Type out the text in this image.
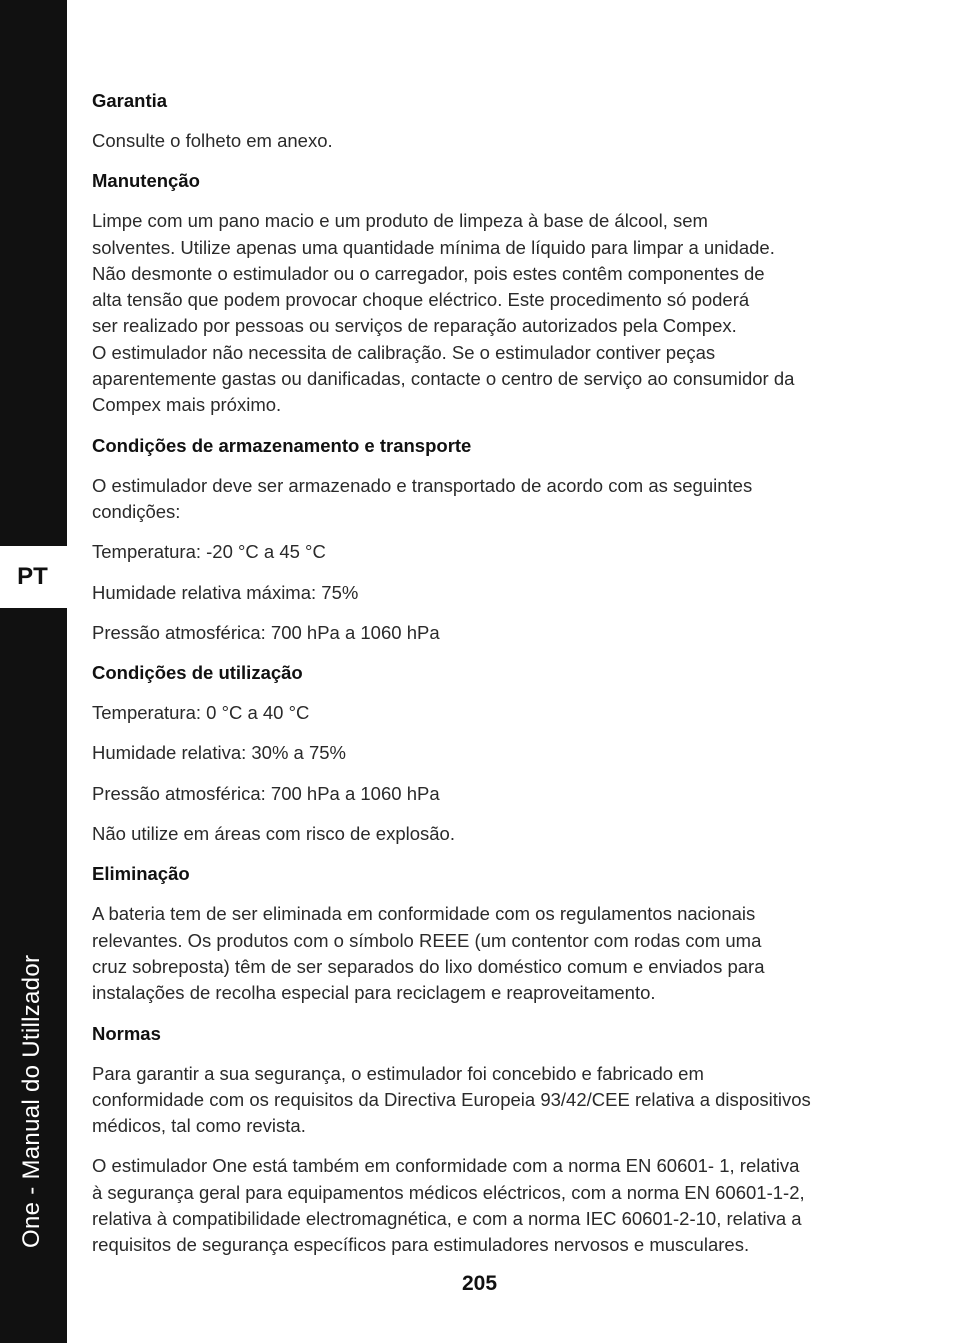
PT
One - Manual do Utillzador
Garantia

Consulte o folheto em anexo.

Manutenção

Limpe com um pano macio e um produto de limpeza à base de álcool, sem
solventes. Utilize apenas uma quantidade mínima de líquido para limpar a unidade.
Não desmonte o estimulador ou o carregador, pois estes contêm componentes de
alta tensão que podem provocar choque eléctrico. Este procedimento só poderá
ser realizado por pessoas ou serviços de reparação autorizados pela Compex.
O estimulador não necessita de calibração. Se o estimulador contiver peças
aparentemente gastas ou danificadas, contacte o centro de serviço ao consumidor da
Compex mais próximo.

Condições de armazenamento e transporte

O estimulador deve ser armazenado e transportado de acordo com as seguintes
condições:

Temperatura: -20 °C a 45 °C

Humidade relativa máxima: 75%

Pressão atmosférica: 700 hPa a 1060 hPa

Condições de utilização

Temperatura: 0 °C a 40 °C

Humidade relativa: 30% a 75%

Pressão atmosférica: 700 hPa a 1060 hPa

Não utilize em áreas com risco de explosão.

Eliminação

A bateria tem de ser eliminada em conformidade com os regulamentos nacionais
relevantes. Os produtos com o símbolo REEE (um contentor com rodas com uma
cruz sobreposta) têm de ser separados do lixo doméstico comum e enviados para
instalações de recolha especial para reciclagem e reaproveitamento.

Normas

Para garantir a sua segurança, o estimulador foi concebido e fabricado em
conformidade com os requisitos da Directiva Europeia 93/42/CEE relativa a dispositivos
médicos, tal como revista.

O estimulador One está também em conformidade com a norma EN 60601- 1, relativa
à segurança geral para equipamentos médicos eléctricos, com a norma EN 60601-1-2,
relativa à compatibilidade electromagnética, e com a norma IEC 60601-2-10, relativa a
requisitos de segurança específicos para estimuladores nervosos e musculares.

205
